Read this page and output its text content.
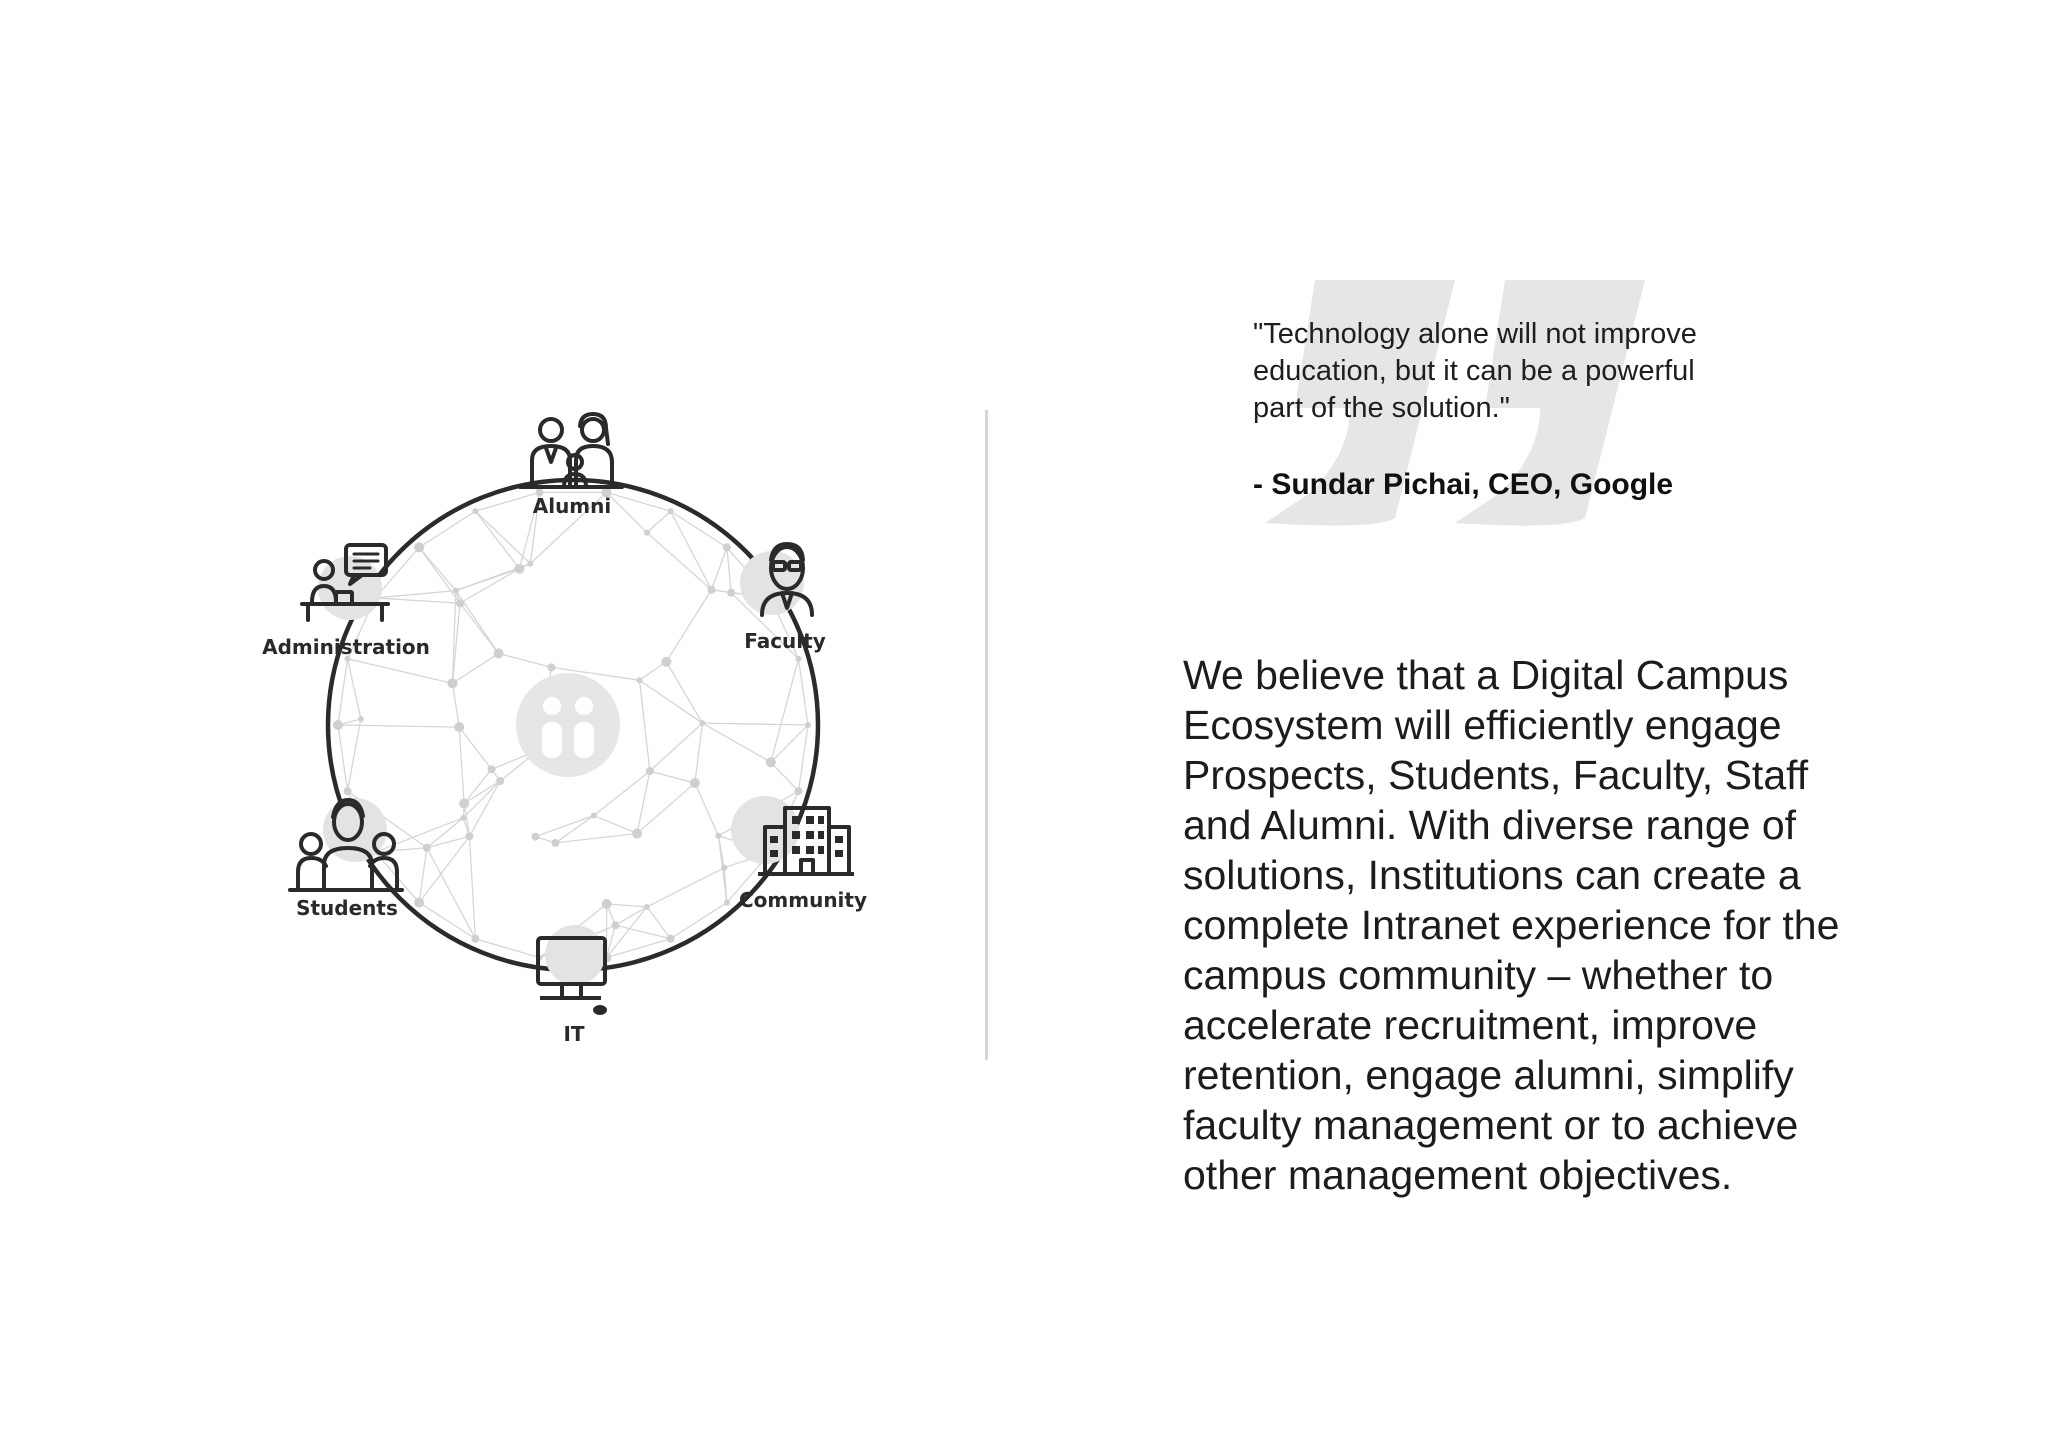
Alumni
Faculty
Community
IT
Students
Administration
"Technology alone will not improve
education, but it can be a powerful
part of the solution."
- Sundar Pichai, CEO, Google
We believe that a Digital Campus
Ecosystem will efficiently engage
Prospects, Students, Faculty, Staff
and Alumni. With diverse range of
solutions, Institutions can create a
complete Intranet experience for the
campus community – whether to
accelerate recruitment, improve
retention, engage alumni, simplify
faculty management or to achieve
other management objectives.
